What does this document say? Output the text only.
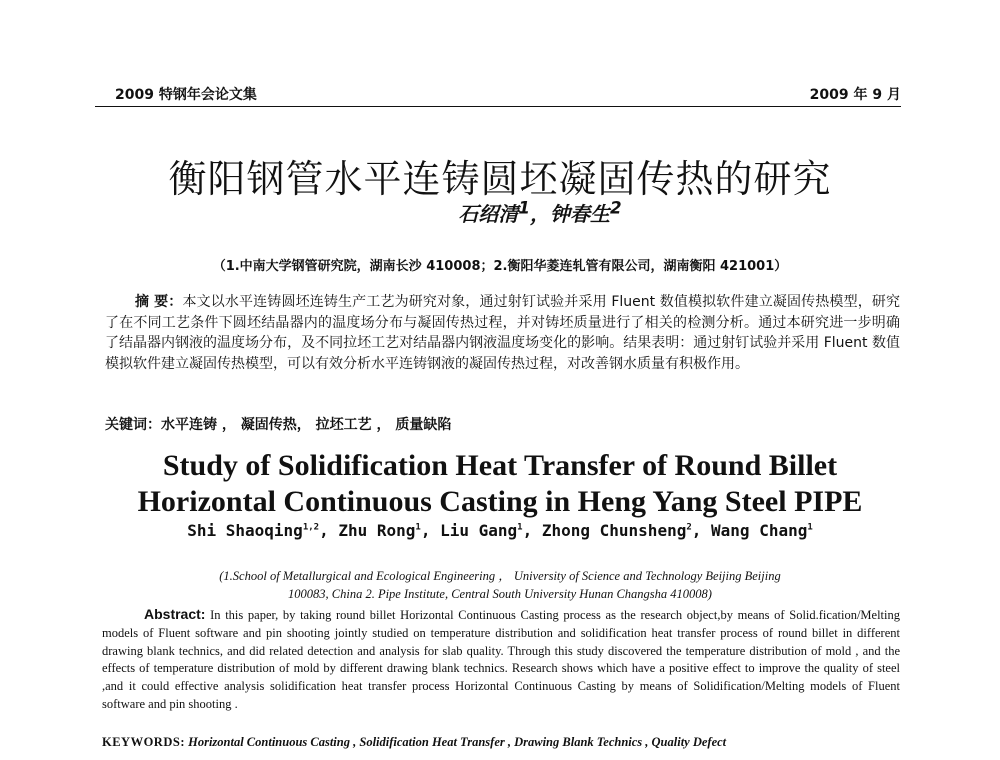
2009 特钢年会论文集	2009 年 9 月
衡阳钢管水平连铸圆坯凝固传热的研究
石绍清$^1$，钟春生$^2$
（1.中南大学钢管研究院，湖南长沙 410008；2.衡阳华菱连轧管有限公司，湖南衡阳 421001）
摘 要：本文以水平连铸圆坯连铸生产工艺为研究对象，通过射钉试验并采用 Fluent 数值模拟软件建立凝固传热模型，研究了在不同工艺条件下圆坯结晶器内的温度场分布与凝固传热过程，并对铸坯质量进行了相关的检测分析。通过本研究进一步明确了结晶器内钢液的温度场分布，及不同拉坯工艺对结晶器内钢液温度场变化的影响。结果表明：通过射钉试验并采用 Fluent 数值模拟软件建立凝固传热模型，可以有效分析水平连铸钢液的凝固传热过程，对改善钢水质量有积极作用。
关键词：水平连铸 ， 凝固传热， 拉坯工艺 ， 质量缺陷
Study of Solidification Heat Transfer of Round Billet
Horizontal Continuous Casting in Heng Yang Steel PIPE
Shi Shaoqing$^{1,2}$, Zhu Rong$^1$, Liu Gang$^1$, Zhong Chunsheng$^2$, Wang Chang$^1$
(1.School of Metallurgical and Ecological Engineering ， University of Science and Technology Beijing Beijing
100083, China 2. Pipe Institute, Central South University Hunan Changsha 410008)
Abstract: In this paper, by taking round billet Horizontal Continuous Casting process as the research object,by means of Solid.fication/Melting models of Fluent software and pin shooting jointly studied on temperature distribution and solidification heat transfer process of round billet in different drawing blank technics, and did related detection and analysis for slab quality. Through this study discovered the temperature distribution of mold , and the effects of temperature distribution of mold by different drawing blank technics. Research shows which have a positive effect to improve the quality of steel ,and it could effective analysis solidification heat transfer process Horizontal Continuous Casting by means of Solidification/Melting models of Fluent software and pin shooting .
KEYWORDS: Horizontal Continuous Casting , Solidification Heat Transfer , Drawing Blank Technics , Quality Defect
